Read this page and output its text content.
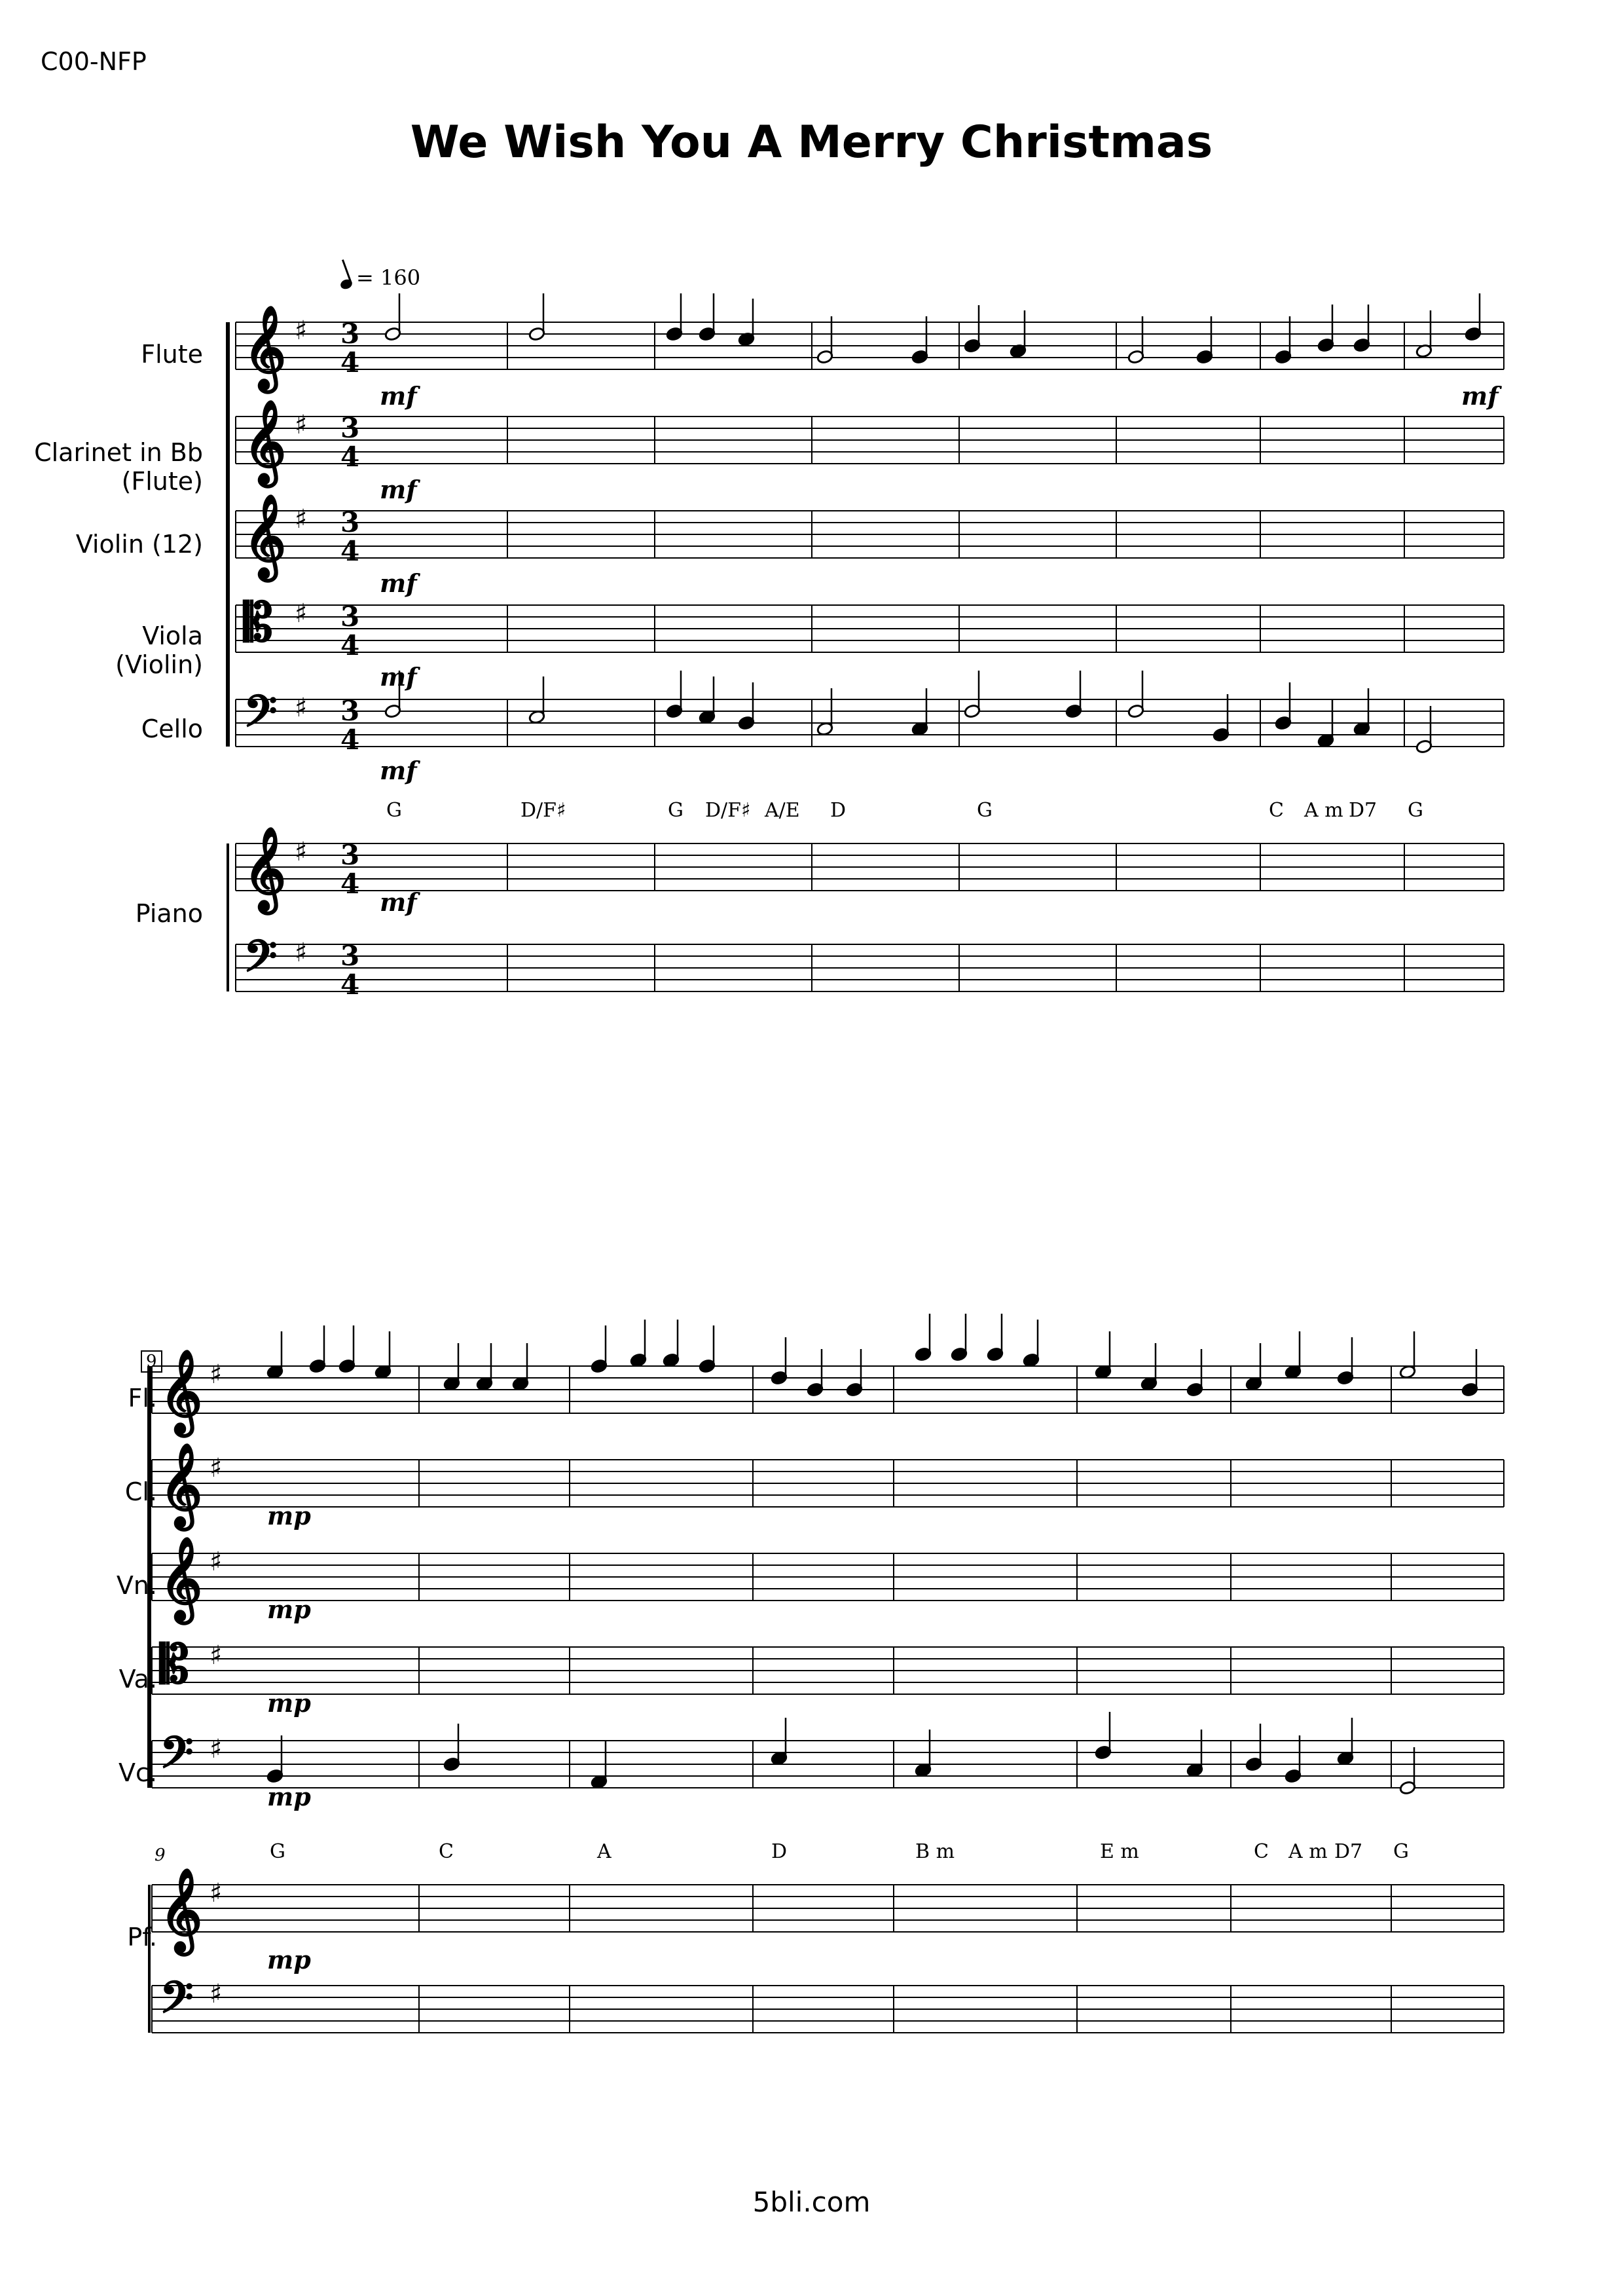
C00-NFP
We Wish You A Merry Christmas
= 160
Flute
Clarinet in Bb
(Flute)
Violin (12)
Viola
(Violin)
Cello
Piano
G	D/F♯	G D/F♯ A/E D	G	C A m D7 G
mf	mf
mf
mf
mf
mf
mf
Fl.
Cl.
Vn.
Va.
Vc.
Pf.
9
9	G	C	A	D	B m	E m	C A m D7 G
mp
mp
mp
mp
mp
𝄞 3
4
♯
𝄞 3
4
♯
𝄞 3
4
♯
𝄡 3
4
♯
𝄢 3
4
♯
𝄞 3
4
♯
𝄢 3
4
♯
𝄞 ♯
𝄞 ♯
𝄞 ♯
𝄡 ♯
𝄢 ♯
𝄞 ♯
𝄢 ♯
5bli.com
